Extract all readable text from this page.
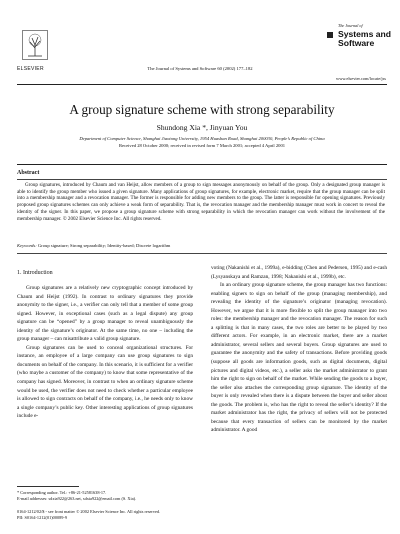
ELSEVIER	The Journal of Systems and Software 60 (2002) 177–182
The Journal of
Systems and
Software
www.elsevier.com/locate/jss
A group signature scheme with strong separability
Shundong Xia *, Jinyuan You
Department of Computer Science, Shanghai Jiaotong University, 1954 Huashan Road, Shanghai 200030, People’s Republic of China
Received 28 October 2000; received in revised form 7 March 2001; accepted 4 April 2001
Abstract
Group signatures, introduced by Chaum and van Heijst, allow members of a group to sign messages anonymously on behalf of the group. Only a designated group manager is able to identify the group member who issued a given signature. Many applications of group signatures, for example, electronic market, require that the group manager can be split into a membership manager and a revocation manager. The former is responsible for adding new members to the group. The latter is responsible for opening signatures. Previously proposed group signatures schemes can only achieve a weak form of separability. That is, the revocation manager and the membership manager must work in concert to reveal the identity of the signer. In this paper, we propose a group signature scheme with strong separability in which the revocation manager can work without the involvement of the membership manager. © 2002 Elsevier Science Inc. All rights reserved.
Keywords: Group signature; Strong separability; Identity-based; Discrete logarithm
1. Introduction

Group signatures are a relatively new cryptographic concept introduced by Chaum and Heijst (1992). In contrast to ordinary signatures they provide anonymity to the signer, i.e., a verifier can only tell that a member of some group signed. However, in exceptional cases (such as a legal dispute) any group signature can be “opened” by a group manager to reveal unambiguously the identity of the signature’s originator. At the same time, no one – including the group manager – can misattribute a valid group signature.

Group signatures can be used to conceal organizational structures. For instance, an employee of a large company can use group signatures to sign documents on behalf of the company. In this scenario, it is sufficient for a verifier (who maybe a customer of the company) to know that some representative of the company has signed. Moreover, in contrast to when an ordinary signature scheme would be used, the verifier does not need to check whether a particular employee is allowed to sign contracts on behalf of the company, i.e., he needs only to know a single company’s public key. Other interesting applications of group signatures include e-

voting (Nakanishi et al., 1999a), e-bidding (Chen and Pedersen, 1995) and e-cash (Lysyanskaya and Ramzan, 1998; Nakanishi et al., 1999b), etc.

In an ordinary group signature scheme, the group manager has two functions: enabling signers to sign on behalf of the group (managing membership), and revealing the identity of the signature’s originator (managing revocation). However, we argue that it is more flexible to split the group manager into two roles: the membership manager and the revocation manager. The reason for such a splitting is that in many cases, the two roles are better to be played by two different actors. For example, in an electronic market, there are a market administrator, several sellers and several buyers. Group signatures are used to guarantee the anonymity and the safety of transactions. Before providing goods (suppose all goods are information goods, such as digital documents, digital pictures and digital videos, etc.), a seller asks the market administrator to grant him the right to sign on behalf of the market. While sending the goods to a buyer, the seller also attaches the corresponding group signature. The identity of the buyer is only revealed when there is a dispute between the buyer and seller about the goods. The problem is, who has the right to reveal the seller’s identity? If the market administrator has the right, the privacy of sellers will not be protected because that every transaction of sellers can be monitored by the market administrator. A good

* Corresponding author. Tel.: +86-21-52581638-17.
E-mail addresses: sdxia922@263.net, sdxia922@email.com (S. Xia).
0164-1212/02/$ - see front matter © 2002 Elsevier Science Inc. All rights reserved.
PII: S0164-1212(01)00089-9
